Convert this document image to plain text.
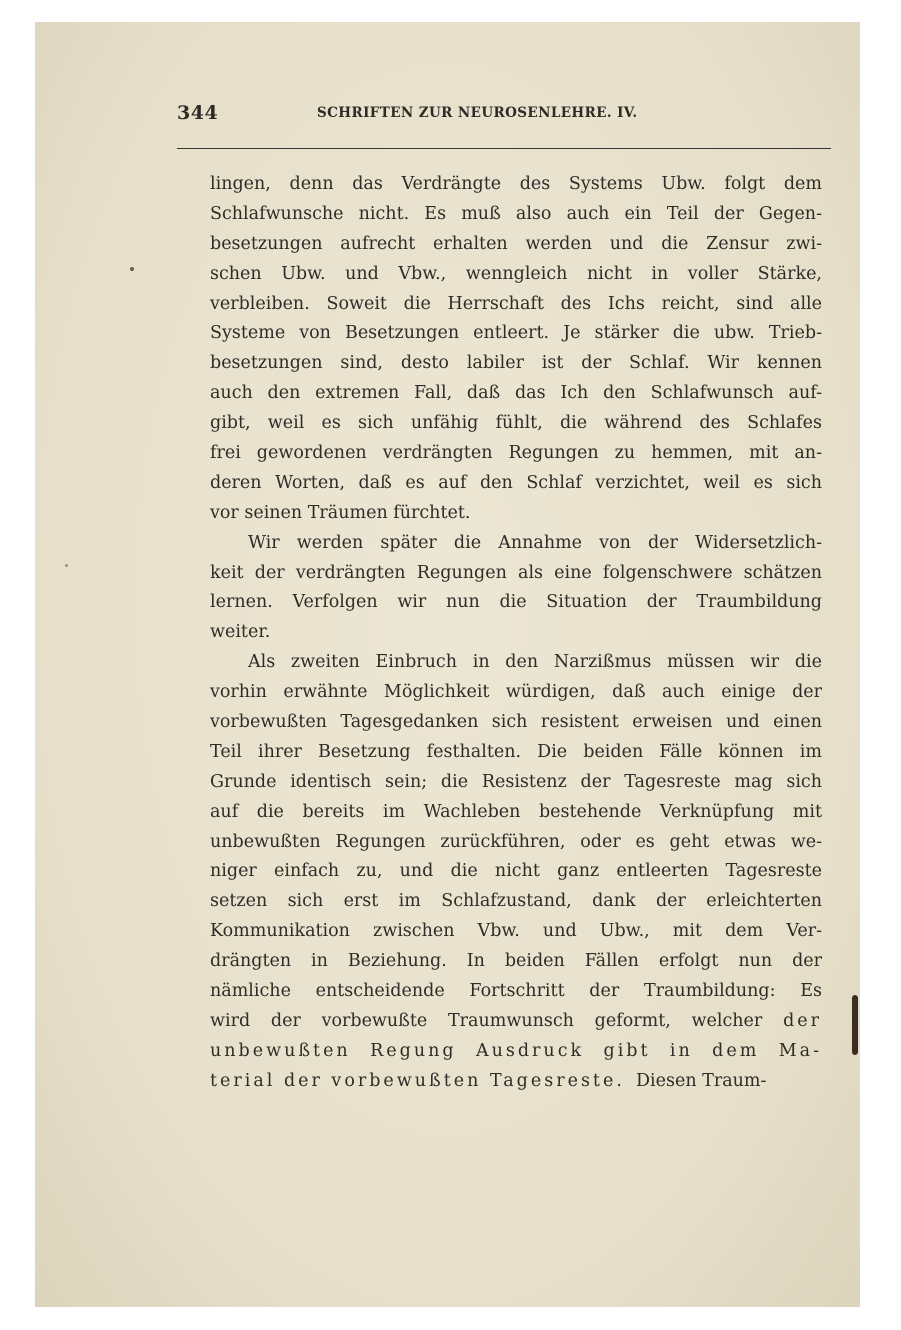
344	SCHRIFTEN ZUR NEUROSENLEHRE. IV.
lingen, denn das Verdrängte des Systems Ubw. folgt dem
Schlafwunsche nicht. Es muß also auch ein Teil der Gegen-
besetzungen aufrecht erhalten werden und die Zensur zwi-
schen Ubw. und Vbw., wenngleich nicht in voller Stärke,
verbleiben. Soweit die Herrschaft des Ichs reicht, sind alle
Systeme von Besetzungen entleert. Je stärker die ubw. Trieb-
besetzungen sind, desto labiler ist der Schlaf. Wir kennen
auch den extremen Fall, daß das Ich den Schlafwunsch auf-
gibt, weil es sich unfähig fühlt, die während des Schlafes
frei gewordenen verdrängten Regungen zu hemmen, mit an-
deren Worten, daß es auf den Schlaf verzichtet, weil es sich
vor seinen Träumen fürchtet.
Wir werden später die Annahme von der Widersetzlich-
keit der verdrängten Regungen als eine folgenschwere schätzen
lernen. Verfolgen wir nun die Situation der Traumbildung
weiter.
Als zweiten Einbruch in den Narzißmus müssen wir die
vorhin erwähnte Möglichkeit würdigen, daß auch einige der
vorbewußten Tagesgedanken sich resistent erweisen und einen
Teil ihrer Besetzung festhalten. Die beiden Fälle können im
Grunde identisch sein; die Resistenz der Tagesreste mag sich
auf die bereits im Wachleben bestehende Verknüpfung mit
unbewußten Regungen zurückführen, oder es geht etwas we-
niger einfach zu, und die nicht ganz entleerten Tagesreste
setzen sich erst im Schlafzustand, dank der erleichterten
Kommunikation zwischen Vbw. und Ubw., mit dem Ver-
drängten in Beziehung. In beiden Fällen erfolgt nun der
nämliche entscheidende Fortschritt der Traumbildung: Es
wird der vorbewußte Traumwunsch geformt, welcher der
unbewußten Regung Ausdruck gibt in dem Ma-
terial der vorbewußten Tagesreste. Diesen Traum-
